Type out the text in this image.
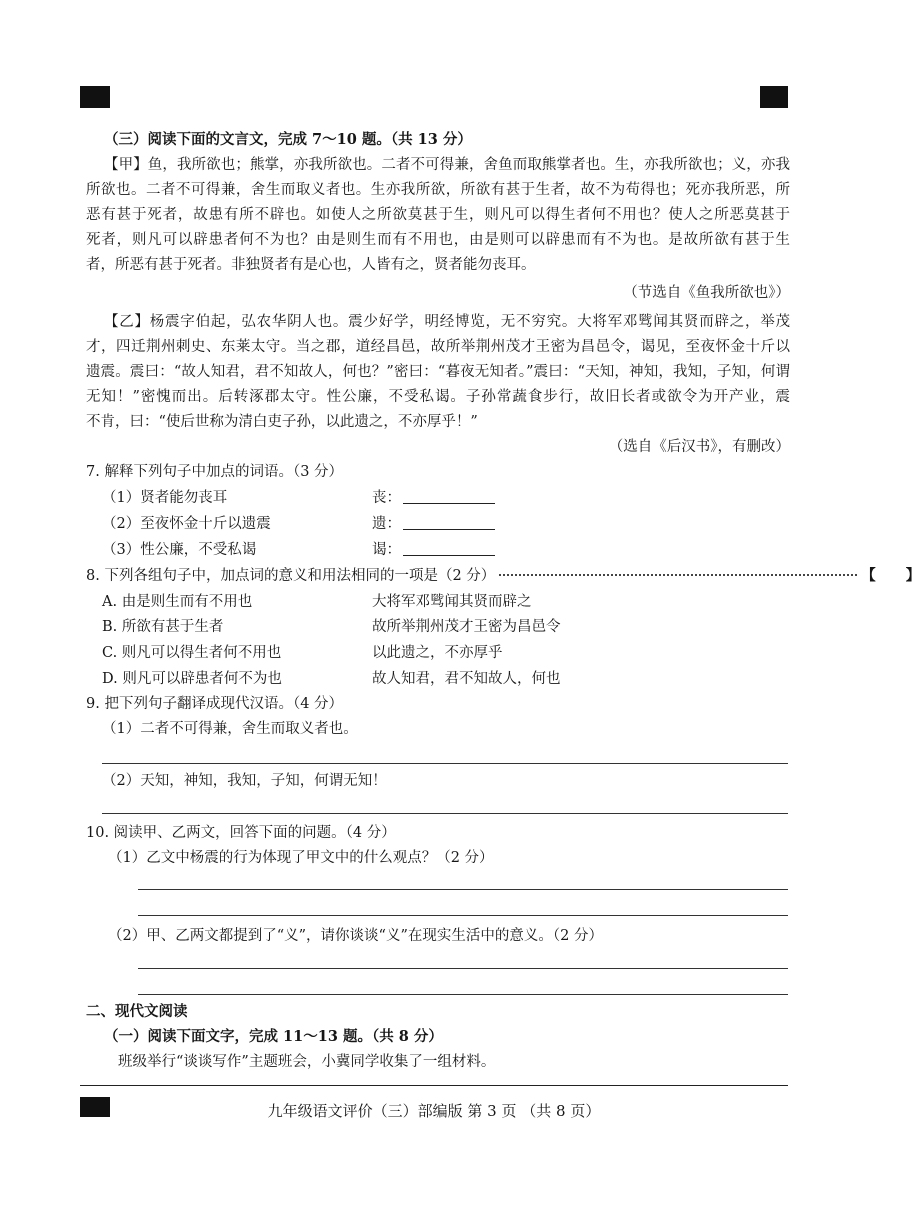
（三）阅读下面的文言文，完成 7～10 题。（共 13 分）
【甲】鱼，我所欲也；熊掌，亦我所欲也。二者不可得兼，舍鱼而取熊掌者也。生，亦我所欲也；义，亦我
所欲也。二者不可得兼，舍生而取义者也。生亦我所欲，所欲有甚于生者，故不为苟得也；死亦我所恶，所
恶有甚于死者，故患有所不辟也。如使人之所欲莫甚于生，则凡可以得生者何不用也？使人之所恶莫甚于
死者，则凡可以辟患者何不为也？由是则生而有不用也，由是则可以辟患而有不为也。是故所欲有甚于生
者，所恶有甚于死者。非独贤者有是心也，人皆有之，贤者能勿丧耳。
（节选自《鱼我所欲也》）
【乙】杨震字伯起，弘农华阴人也。震少好学，明经博览，无不穷究。大将军邓骘闻其贤而辟之，举茂
才，四迁荆州刺史、东莱太守。当之郡，道经昌邑，故所举荆州茂才王密为昌邑令，谒见，至夜怀金十斤以
遗震。震曰：“故人知君，君不知故人，何也？”密曰：“暮夜无知者。”震曰：“天知，神知，我知，子知，何谓
无知！”密愧而出。后转涿郡太守。性公廉，不受私谒。子孙常蔬食步行，故旧长者或欲令为开产业，震
不肯，曰：“使后世称为清白吏子孙，以此遗之，不亦厚乎！”
（选自《后汉书》，有删改）
7. 解释下列句子中加点的词语。（3 分）
（1）贤者能勿丧耳	丧：
（2）至夜怀金十斤以遗震	遗：
（3）性公廉，不受私谒	谒：
8. 下列各组句子中，加点词的意义和用法相同的一项是（2 分）	【 】
A. 由是则生而有不用也	大将军邓骘闻其贤而辟之
B. 所欲有甚于生者	故所举荆州茂才王密为昌邑令
C. 则凡可以得生者何不用也	以此遗之，不亦厚乎
D. 则凡可以辟患者何不为也	故人知君，君不知故人，何也
9. 把下列句子翻译成现代汉语。（4 分）
（1）二者不可得兼，舍生而取义者也。
（2）天知，神知，我知，子知，何谓无知！
10. 阅读甲、乙两文，回答下面的问题。（4 分）
（1）乙文中杨震的行为体现了甲文中的什么观点？（2 分）
（2）甲、乙两文都提到了“义”，请你谈谈“义”在现实生活中的意义。（2 分）
二、现代文阅读
（一）阅读下面文字，完成 11～13 题。（共 8 分）
班级举行“谈谈写作”主题班会，小冀同学收集了一组材料。
九年级语文评价（三）部编版 第 3 页 （共 8 页）
